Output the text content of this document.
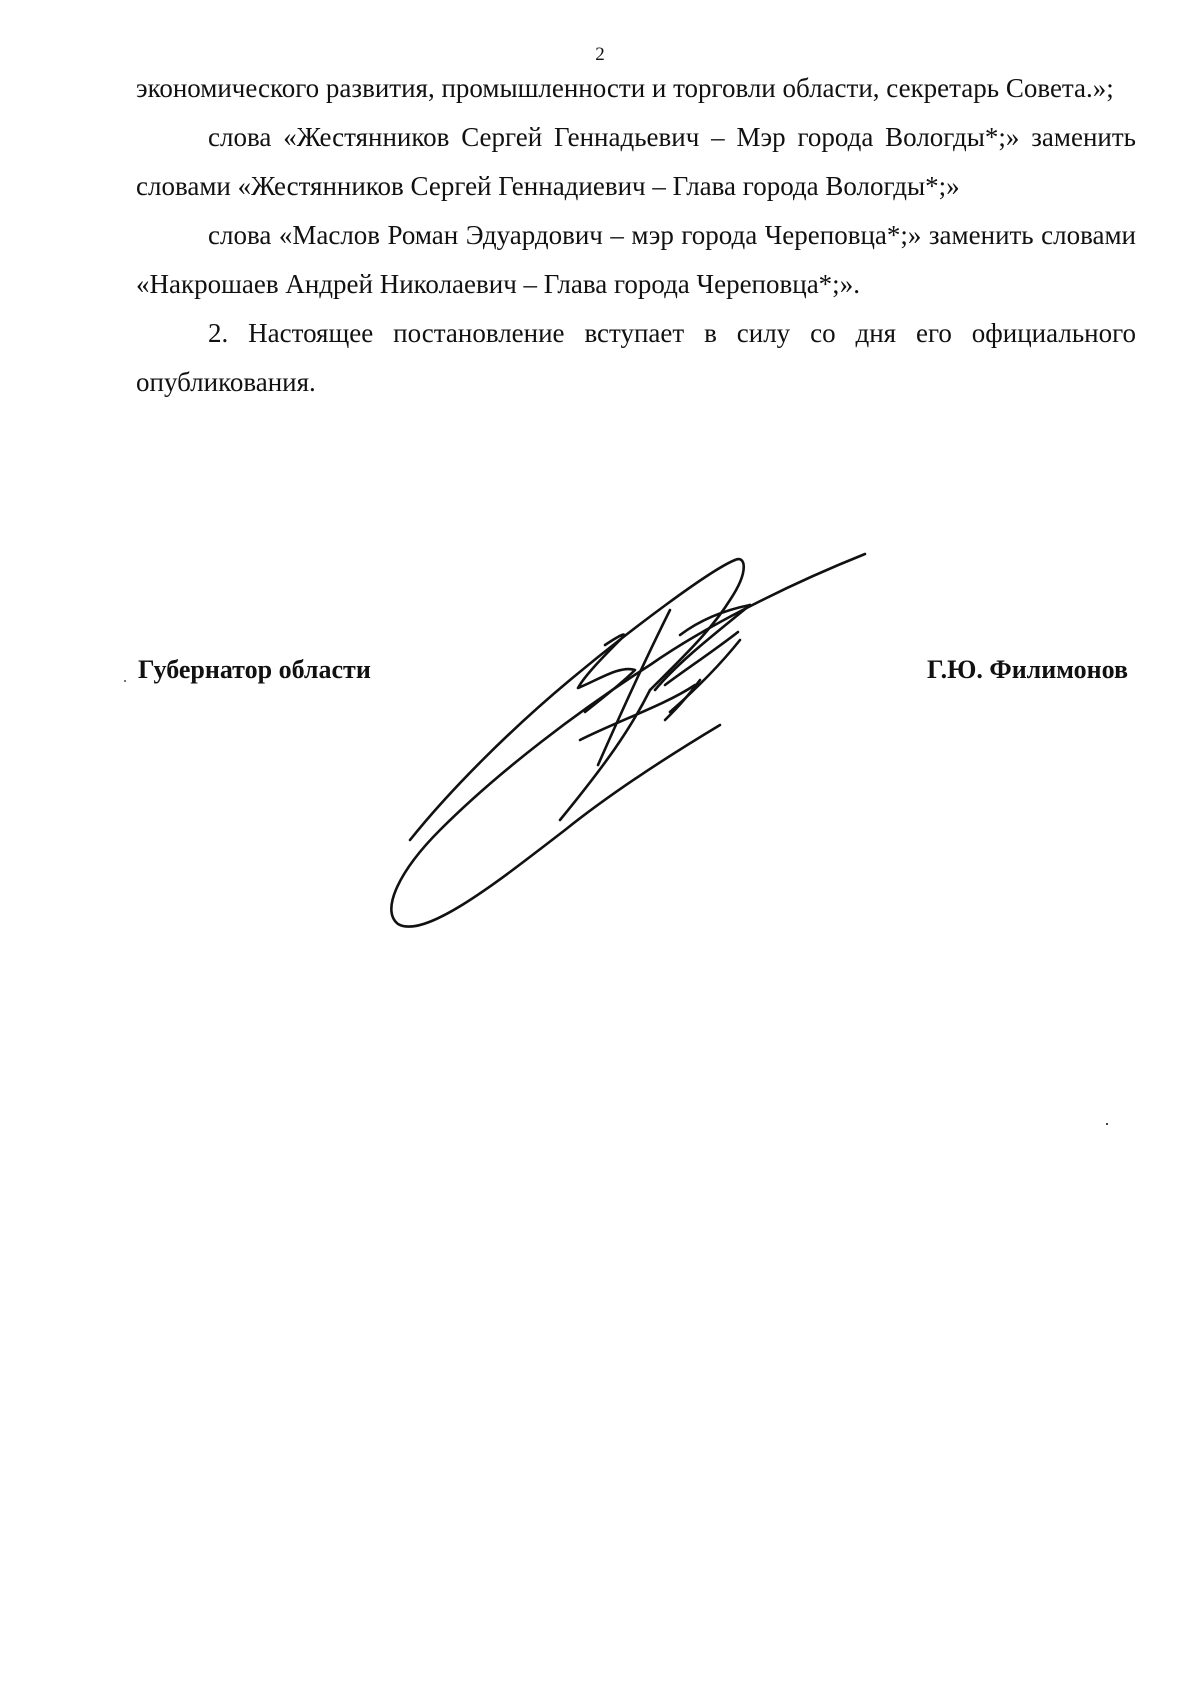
2

экономического развития, промышленности и торговли области, секретарь Совета.»;

слова «Жестянников Сергей Геннадьевич – Мэр города Вологды*;» заменить словами «Жестянников Сергей Геннадиевич – Глава города Вологды*;»

слова «Маслов Роман Эдуардович – мэр города Череповца*;» заменить словами «Накрошаев Андрей Николаевич – Глава города Череповца*;».

2. Настоящее постановление вступает в силу со дня его официального опубликования.

Губернатор области	Г.Ю. Филимонов
